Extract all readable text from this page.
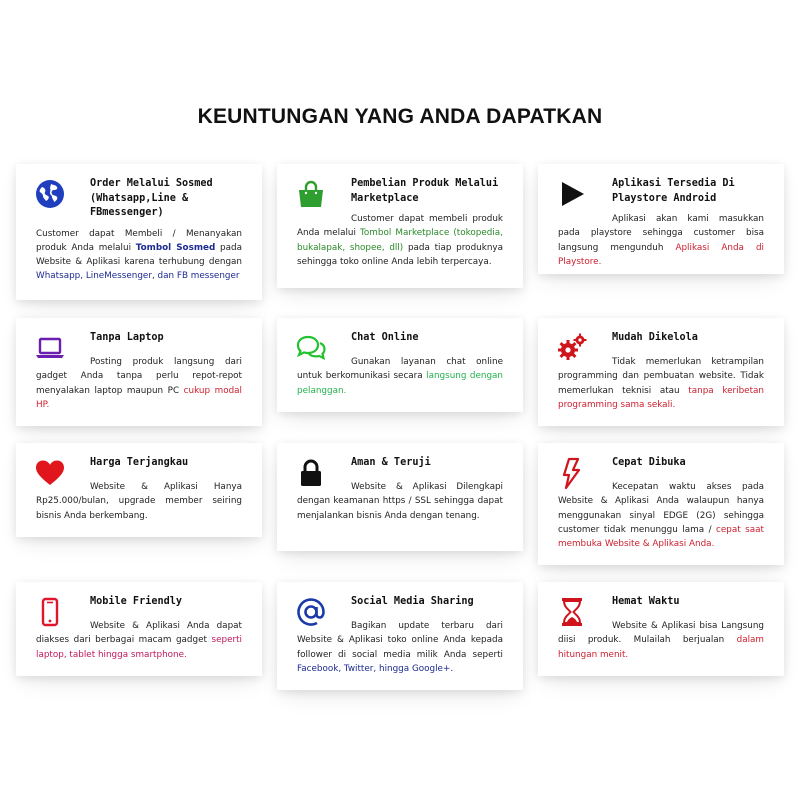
KEUNTUNGAN YANG ANDA DAPATKAN
Order Melalui Sosmed (Whatsapp,Line & FBmessenger)
Customer dapat Membeli / Menanyakan produk Anda melalui Tombol Sosmed pada Website & Aplikasi karena terhubung dengan Whatsapp, LineMessenger, dan FB messenger
Pembelian Produk Melalui Marketplace
Customer dapat membeli produk Anda melalui Tombol Marketplace (tokopedia, bukalapak, shopee, dll) pada tiap produknya sehingga toko online Anda lebih terpercaya.
Aplikasi Tersedia Di Playstore Android
Aplikasi akan kami masukkan pada playstore sehingga customer bisa langsung mengunduh Aplikasi Anda di Playstore.
Tanpa Laptop
Posting produk langsung dari gadget Anda tanpa perlu repot-repot menyalakan laptop maupun PC cukup modal HP.
Chat Online
Gunakan layanan chat online untuk berkomunikasi secara langsung dengan pelanggan.
Mudah Dikelola
Tidak memerlukan ketrampilan programming dan pembuatan website. Tidak memerlukan teknisi atau tanpa keribetan programming sama sekali.
Harga Terjangkau
Website & Aplikasi Hanya Rp25.000/bulan, upgrade member seiring bisnis Anda berkembang.
Aman & Teruji
Website & Aplikasi Dilengkapi dengan keamanan https / SSL sehingga dapat menjalankan bisnis Anda dengan tenang.
Cepat Dibuka
Kecepatan waktu akses pada Website & Aplikasi Anda walaupun hanya menggunakan sinyal EDGE (2G) sehingga customer tidak menunggu lama / cepat saat membuka Website & Aplikasi Anda.
Mobile Friendly
Website & Aplikasi Anda dapat diakses dari berbagai macam gadget seperti laptop, tablet hingga smartphone.
Social Media Sharing
Bagikan update terbaru dari Website & Aplikasi toko online Anda kepada follower di social media milik Anda seperti Facebook, Twitter, hingga Google+.
Hemat Waktu
Website & Aplikasi bisa Langsung diisi produk. Mulailah berjualan dalam hitungan menit.
